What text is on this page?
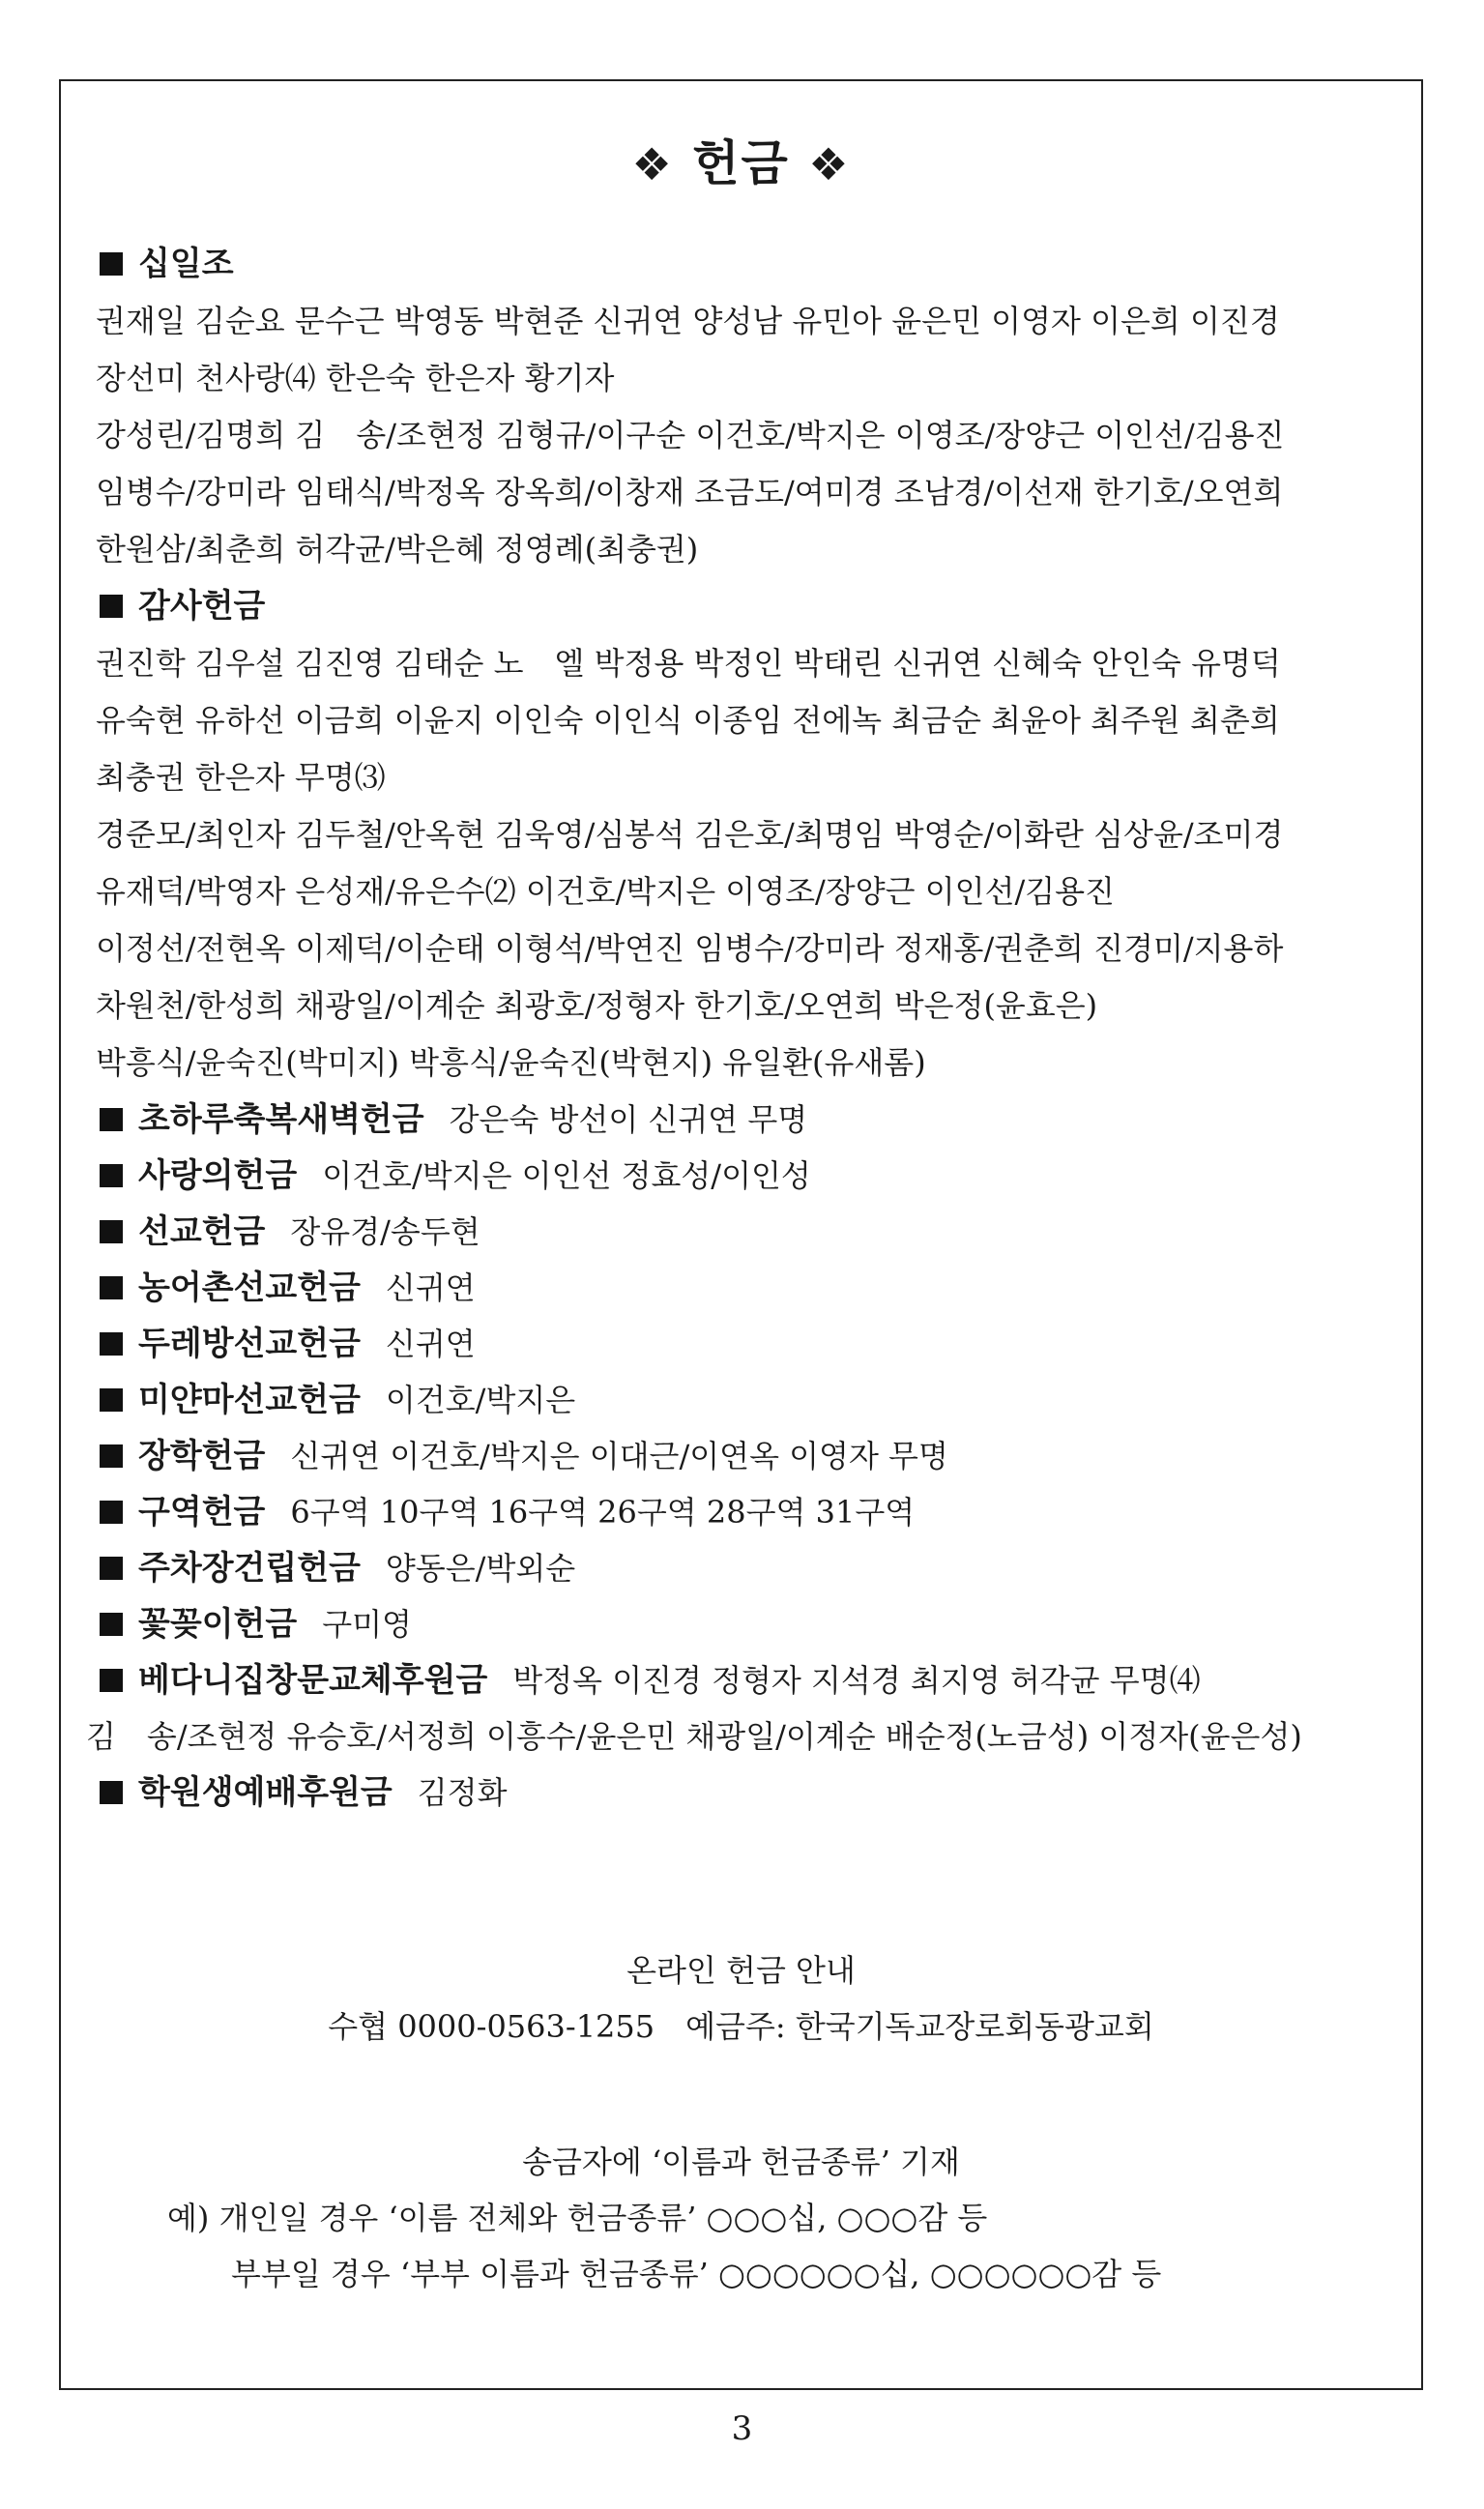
❖ 헌금 ❖

십일조

권재일 김순요 문수근 박영동 박현준 신귀연 양성남 유민아 윤은민 이영자 이은희 이진경

장선미 천사랑⑷ 한은숙 한은자 황기자

강성린/김명희 김　송/조현정 김형규/이구순 이건호/박지은 이영조/장양근 이인선/김용진

임병수/강미라 임태식/박정옥 장옥희/이창재 조금도/여미경 조남경/이선재 한기호/오연희

한원삼/최춘희 허각균/박은혜 정영례(최충권)

감사헌금

권진학 김우설 김진영 김태순 노　엘 박정용 박정인 박태린 신귀연 신혜숙 안인숙 유명덕

유숙현 유하선 이금희 이윤지 이인숙 이인식 이종임 전에녹 최금순 최윤아 최주원 최춘희

최충권 한은자 무명⑶

경준모/최인자 김두철/안옥현 김욱영/심봉석 김은호/최명임 박영순/이화란 심상윤/조미경

유재덕/박영자 은성재/유은수⑵ 이건호/박지은 이영조/장양근 이인선/김용진

이정선/전현옥 이제덕/이순태 이형석/박연진 임병수/강미라 정재홍/권춘희 진경미/지용하

차원천/한성희 채광일/이계순 최광호/정형자 한기호/오연희 박은정(윤효은)

박흥식/윤숙진(박미지) 박흥식/윤숙진(박현지) 유일환(유새롬)

초하루축복새벽헌금 강은숙 방선이 신귀연 무명

사랑의헌금 이건호/박지은 이인선 정효성/이인성

선교헌금 장유경/송두현

농어촌선교헌금 신귀연

두레방선교헌금 신귀연

미얀마선교헌금 이건호/박지은

장학헌금 신귀연 이건호/박지은 이대근/이연옥 이영자 무명

구역헌금 6구역 10구역 16구역 26구역 28구역 31구역

주차장건립헌금 양동은/박외순

꽃꽂이헌금 구미영

베다니집창문교체후원금 박정옥 이진경 정형자 지석경 최지영 허각균 무명⑷

김　송/조현정 유승호/서정희 이흥수/윤은민 채광일/이계순 배순정(노금성) 이정자(윤은성)

학원생예배후원금 김정화

온라인 헌금 안내

수협 0000-0563-1255　예금주: 한국기독교장로회동광교회

송금자에 ‘이름과 헌금종류’ 기재

예) 개인일 경우 ‘이름 전체와 헌금종류’ ○○○십, ○○○감 등

부부일 경우 ‘부부 이름과 헌금종류’ ○○○○○○십, ○○○○○○감 등

3
